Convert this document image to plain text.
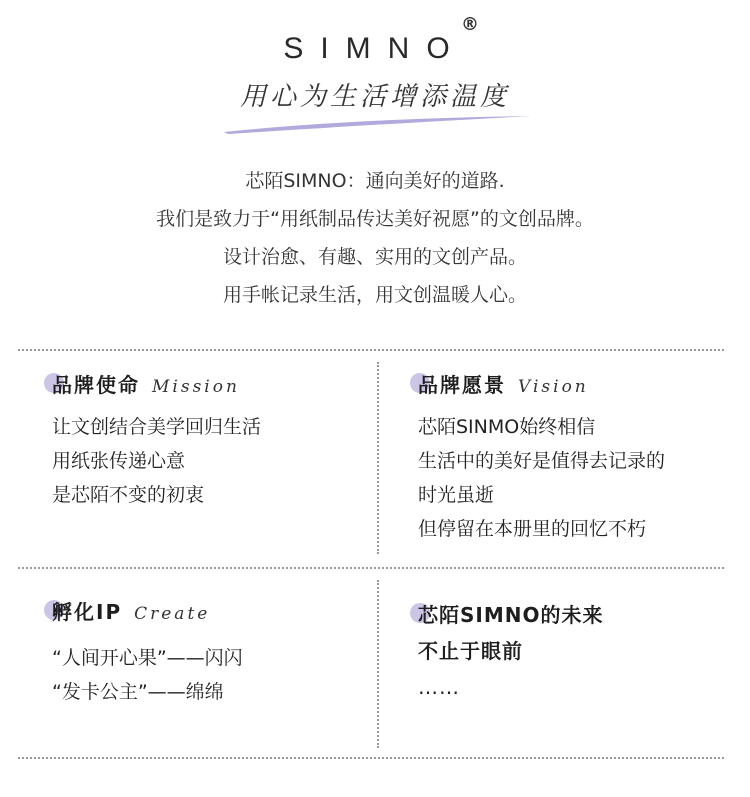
SIMNO
®
用心为生活增添温度

芯陌SIMNO：通向美好的道路.

我们是致力于“用纸制品传达美好祝愿”的文创品牌。

设计治愈、有趣、实用的文创产品。

用手帐记录生活，用文创温暖人心。

品牌使命 Mission

让文创结合美学回归生活

用纸张传递心意

是芯陌不变的初衷

品牌愿景 Vision

芯陌SINMO始终相信

生活中的美好是值得去记录的

时光虽逝

但停留在本册里的回忆不朽

孵化IP Create

“人间开心果”——闪闪

“发卡公主”——绵绵

芯陌SIMNO的未来

不止于眼前

……
